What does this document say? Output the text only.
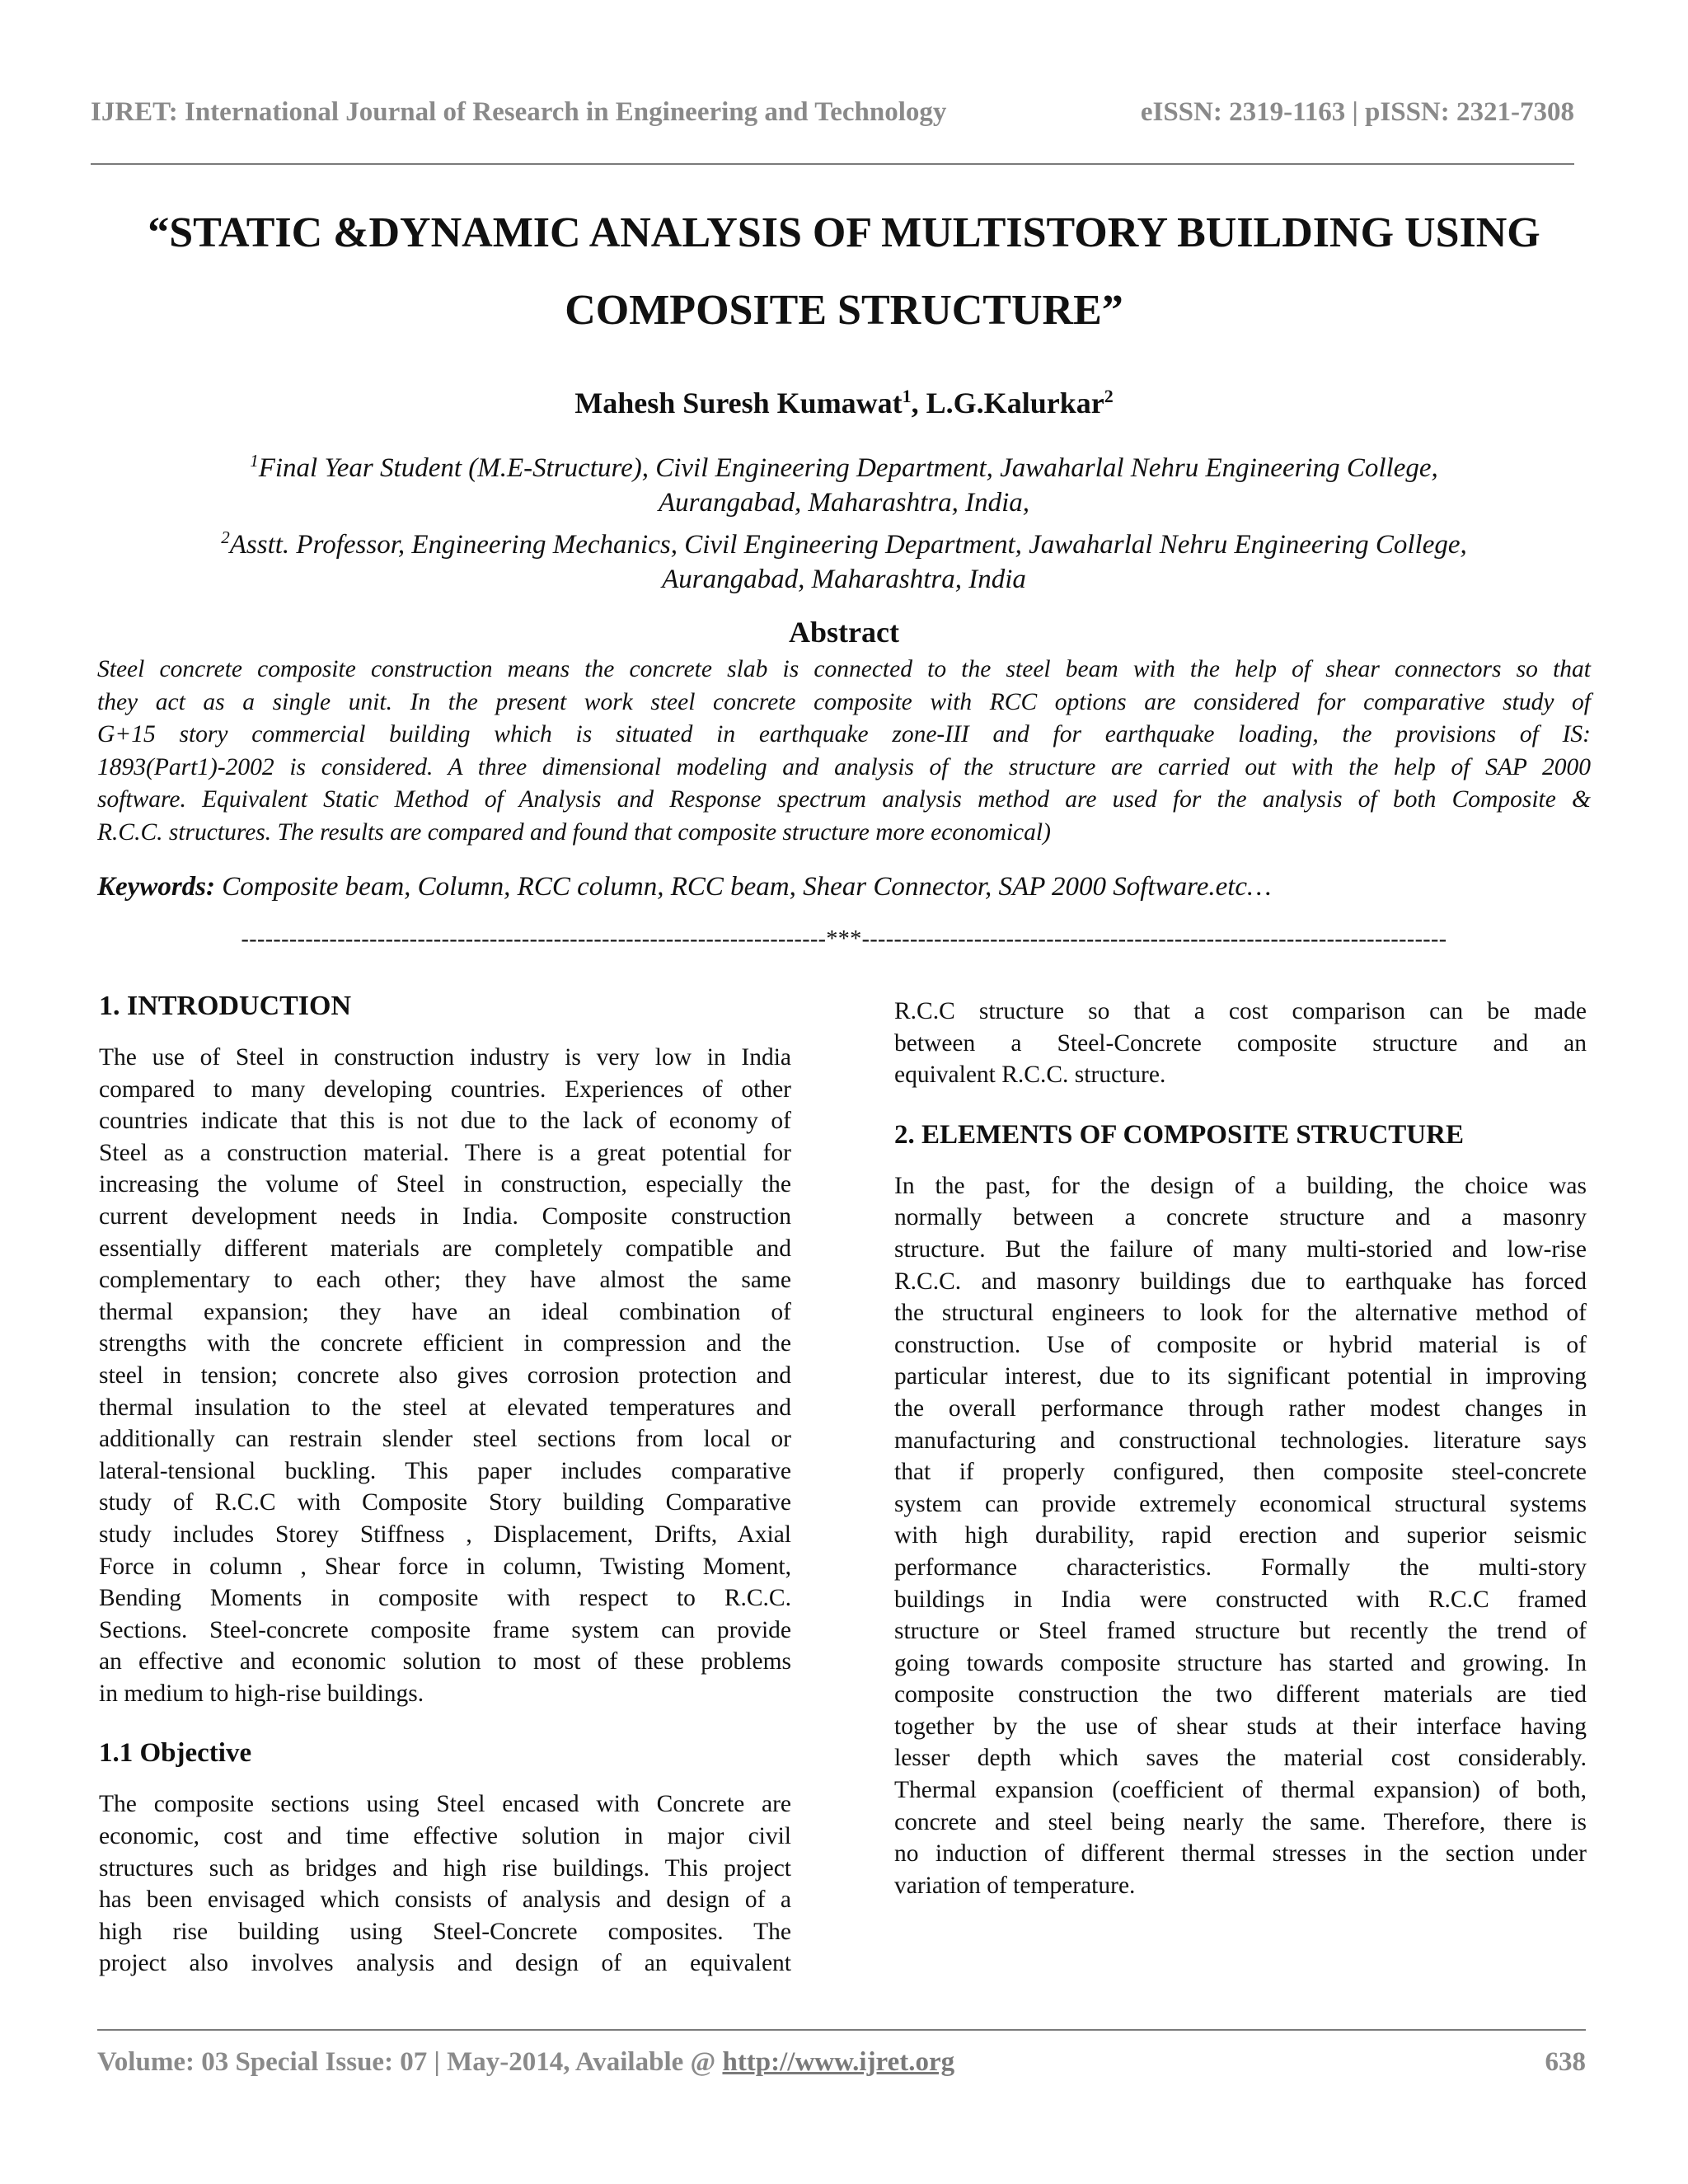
IJRET: International Journal of Research in Engineering and Technology	eISSN: 2319-1163 | pISSN: 2321-7308
“STATIC &DYNAMIC ANALYSIS OF MULTISTORY BUILDING USING
COMPOSITE STRUCTURE”
Mahesh Suresh Kumawat$^1$, L.G.Kalurkar$^2$
$^1$Final Year Student (M.E-Structure), Civil Engineering Department, Jawaharlal Nehru Engineering College,
Aurangabad, Maharashtra, India,
$^2$Asstt. Professor, Engineering Mechanics, Civil Engineering Department, Jawaharlal Nehru Engineering College,
Aurangabad, Maharashtra, India
Abstract
Steel concrete composite construction means the concrete slab is connected to the steel beam with the help of shear connectors so that
they act as a single unit. In the present work steel concrete composite with RCC options are considered for comparative study of
G+15 story commercial building which is situated in earthquake zone-III and for earthquake loading, the provisions of IS:
1893(Part1)-2002 is considered. A three dimensional modeling and analysis of the structure are carried out with the help of SAP 2000
software. Equivalent Static Method of Analysis and Response spectrum analysis method are used for the analysis of both Composite &
R.C.C. structures. The results are compared and found that composite structure more economical)
Keywords: Composite beam, Column, RCC column, RCC beam, Shear Connector, SAP 2000 Software.etc…
-------------------------------------------------------------------------***-------------------------------------------------------------------------
1. INTRODUCTION
The use of Steel in construction industry is very low in India
compared to many developing countries. Experiences of other
countries indicate that this is not due to the lack of economy of
Steel as a construction material. There is a great potential for
increasing the volume of Steel in construction, especially the
current development needs in India. Composite construction
essentially different materials are completely compatible and
complementary to each other; they have almost the same
thermal expansion; they have an ideal combination of
strengths with the concrete efficient in compression and the
steel in tension; concrete also gives corrosion protection and
thermal insulation to the steel at elevated temperatures and
additionally can restrain slender steel sections from local or
lateral-tensional buckling. This paper includes comparative
study of R.C.C with Composite Story building Comparative
study includes Storey Stiffness , Displacement, Drifts, Axial
Force in column , Shear force in column, Twisting Moment,
Bending Moments in composite with respect to R.C.C.
Sections. Steel-concrete composite frame system can provide
an effective and economic solution to most of these problems
in medium to high-rise buildings.
1.1 Objective
The composite sections using Steel encased with Concrete are
economic, cost and time effective solution in major civil
structures such as bridges and high rise buildings. This project
has been envisaged which consists of analysis and design of a
high rise building using Steel-Concrete composites. The
project also involves analysis and design of an equivalent
R.C.C structure so that a cost comparison can be made
between a Steel-Concrete composite structure and an
equivalent R.C.C. structure.
2. ELEMENTS OF COMPOSITE STRUCTURE
In the past, for the design of a building, the choice was
normally between a concrete structure and a masonry
structure. But the failure of many multi-storied and low-rise
R.C.C. and masonry buildings due to earthquake has forced
the structural engineers to look for the alternative method of
construction. Use of composite or hybrid material is of
particular interest, due to its significant potential in improving
the overall performance through rather modest changes in
manufacturing and constructional technologies. literature says
that if properly configured, then composite steel-concrete
system can provide extremely economical structural systems
with high durability, rapid erection and superior seismic
performance characteristics. Formally the multi-story
buildings in India were constructed with R.C.C framed
structure or Steel framed structure but recently the trend of
going towards composite structure has started and growing. In
composite construction the two different materials are tied
together by the use of shear studs at their interface having
lesser depth which saves the material cost considerably.
Thermal expansion (coefficient of thermal expansion) of both,
concrete and steel being nearly the same. Therefore, there is
no induction of different thermal stresses in the section under
variation of temperature.
Volume: 03 Special Issue: 07 | May-2014, Available @ http://www.ijret.org	638
